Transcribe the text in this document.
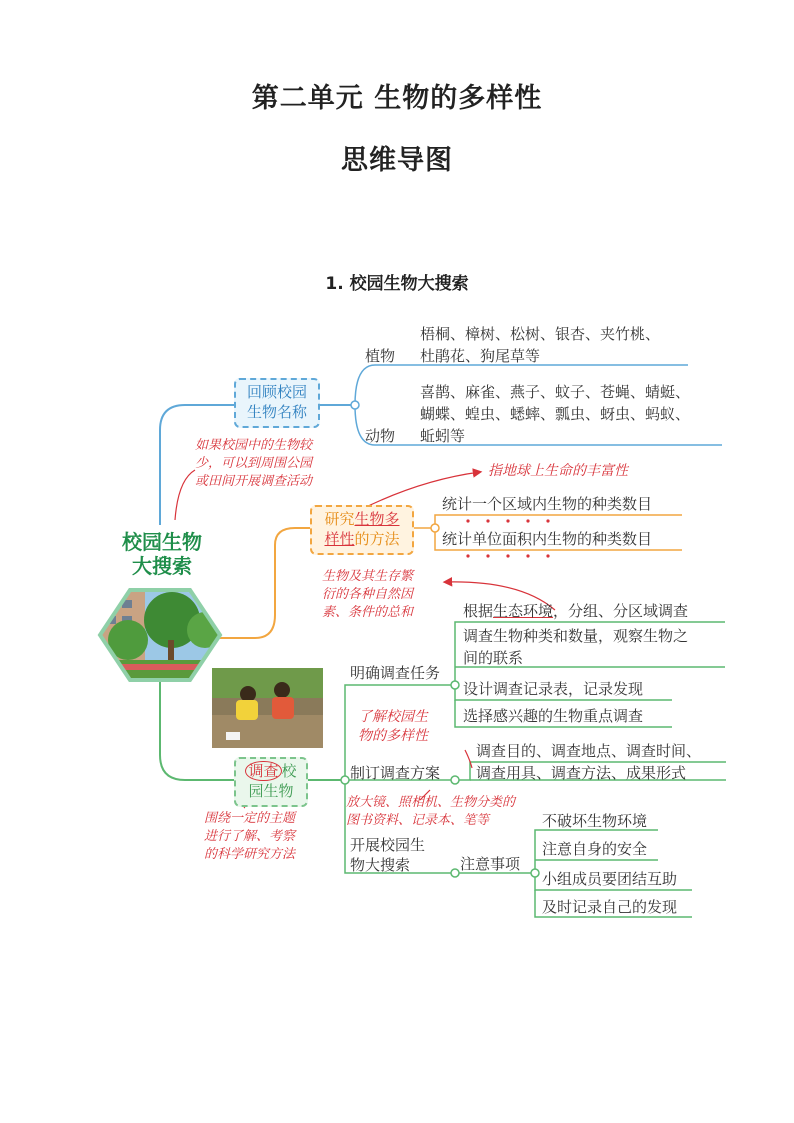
第二单元 生物的多样性
思维导图
1. 校园生物大搜索
校园生物
大搜索
回顾校园
生物名称
植物
梧桐、樟树、松树、银杏、夹竹桃、
杜鹃花、狗尾草等
动物
喜鹊、麻雀、燕子、蚊子、苍蝇、蜻蜓、
蝴蝶、蝗虫、蟋蟀、瓢虫、蚜虫、蚂蚁、
蚯蚓等
如果校园中的生物较
少，可以到周围公园
或田间开展调查活动
研究生物多
样性的方法
指地球上生命的丰富性
统计一个区域内生物的种类数目
统计单位面积内生物的种类数目
生物及其生存繁
衍的各种自然因
素、条件的总和
调查 校
园生物
明确调查任务
根据生态环境，分组、分区域调查
调查生物种类和数量，观察生物之
间的联系
设计调查记录表，记录发现
选择感兴趣的生物重点调查
了解校园生
物的多样性
制订调查方案
调查目的、调查地点、调查时间、
调查用具、调查方法、成果形式
放大镜、照相机、生物分类的
图书资料、记录本、笔等
围绕一定的主题
进行了解、考察
的科学研究方法
开展校园生
物大搜索	注意事项
不破坏生物环境
注意自身的安全
小组成员要团结互助
及时记录自己的发现
